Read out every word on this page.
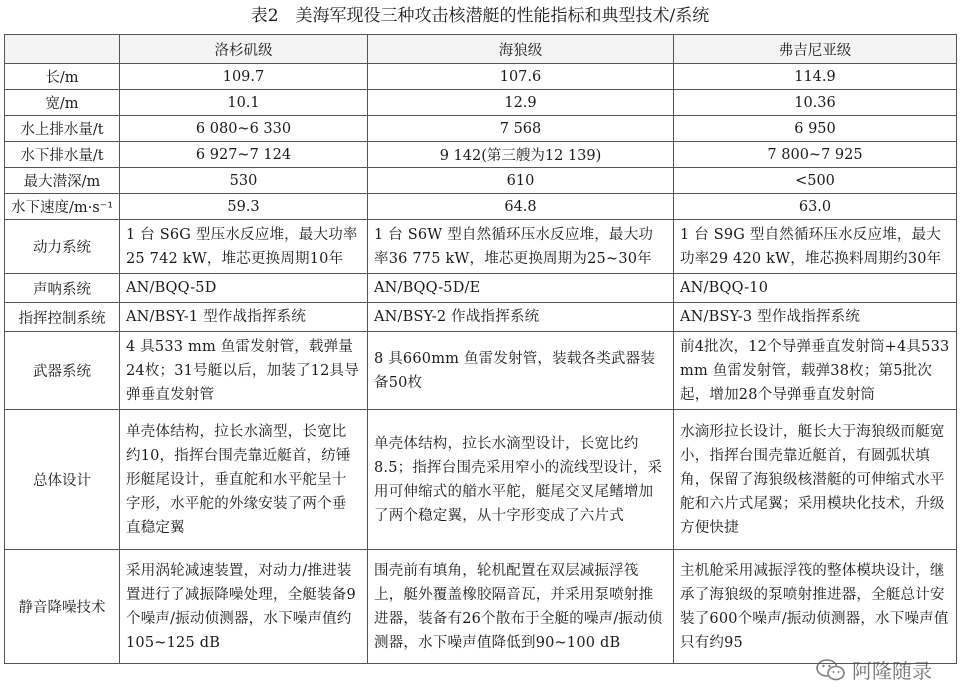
表2　美海军现役三种攻击核潜艇的性能指标和典型技术/系统
	洛杉矶级	海狼级	弗吉尼亚级
长/m	109.7	107.6	114.9
宽/m	10.1	12.9	10.36
水上排水量/t	6 080~6 330	7 568	6 950
水下排水量/t	6 927~7 124	9 142(第三艘为12 139)	7 800~7 925
最大潜深/m	530	610	<500
水下速度/m·s⁻¹	59.3	64.8	63.0
动力系统	1 台 S6G 型压水反应堆，最大功率25 742 kW，堆芯更换周期10年	1 台 S6W 型自然循环压水反应堆，最大功率36 775 kW，堆芯更换周期为25~30年	1 台 S9G 型自然循环压水反应堆，最大功率29 420 kW，堆芯换料周期约30年
声呐系统	AN/BQQ-5D	AN/BQQ-5D/E	AN/BQQ-10
指挥控制系统	AN/BSY-1 型作战指挥系统	AN/BSY-2 作战指挥系统	AN/BSY-3 型作战指挥系统
武器系统	4 具533 mm 鱼雷发射管，载弹量24枚；31号艇以后，加装了12具导弹垂直发射管	8 具660mm 鱼雷发射管，装载各类武器装备50枚	前4批次，12个导弹垂直发射筒+4具533 mm 鱼雷发射管，载弹38枚；第5批次起，增加28个导弹垂直发射筒
总体设计	单壳体结构，拉长水滴型，长宽比约10，指挥台围壳靠近艇首，纺锤形艇尾设计，垂直舵和水平舵呈十字形，水平舵的外缘安装了两个垂直稳定翼	单壳体结构，拉长水滴型设计，长宽比约8.5；指挥台围壳采用窄小的流线型设计，采用可伸缩式的艏水平舵，艇尾交叉尾鳍增加了两个稳定翼，从十字形变成了六片式	水滴形拉长设计，艇长大于海狼级而艇宽小，指挥台围壳靠近艇首，有圆弧状填角，保留了海狼级核潜艇的可伸缩式水平舵和六片式尾翼；采用模块化技术，升级方便快捷
静音降噪技术	采用涡轮减速装置，对动力/推进装置进行了减振降噪处理，全艇装备9个噪声/振动侦测器，水下噪声值约105~125 dB	围壳前有填角，轮机配置在双层减振浮筏上，艇外覆盖橡胶隔音瓦，并采用泵喷射推进器，装备有26个散布于全艇的噪声/振动侦测器，水下噪声值降低到90~100 dB	主机舱采用减振浮筏的整体模块设计，继承了海狼级的泵喷射推进器，全艇总计安装了600个噪声/振动侦测器，水下噪声值只有约95
阿隆随录
